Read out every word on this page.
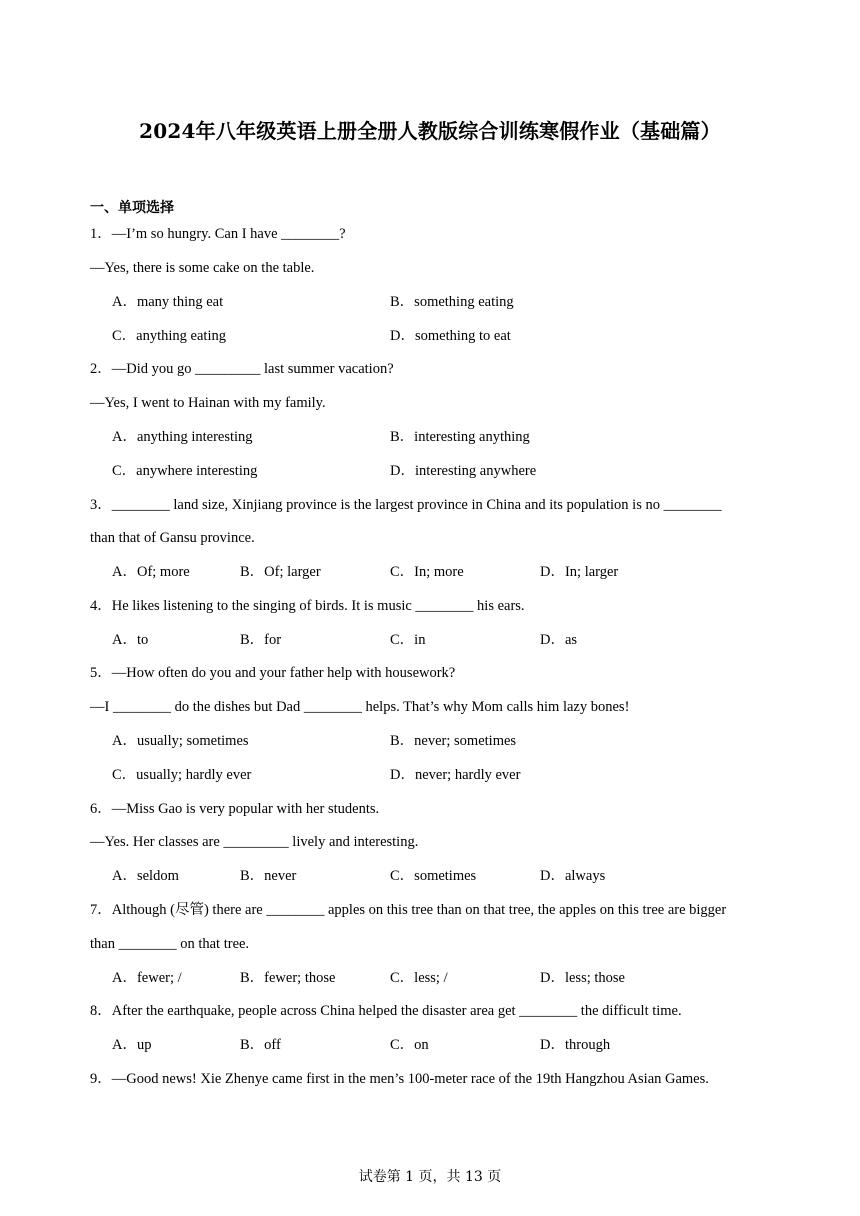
2024年八年级英语上册全册人教版综合训练寒假作业（基础篇）
一、单项选择
1．—I’m so hungry. Can I have ________?
—Yes, there is some cake on the table.
A．many thing eat	B．something eating
C．anything eating	D．something to eat
2．—Did you go _________ last summer vacation?
—Yes, I went to Hainan with my family.
A．anything interesting	B．interesting anything
C．anywhere interesting	D．interesting anywhere
3．________ land size, Xinjiang province is the largest province in China and its population is no ________
than that of Gansu province.
A．Of; more	B．Of; larger	C．In; more	D．In; larger
4．He likes listening to the singing of birds. It is music ________ his ears.
A．to	B．for	C．in	D．as
5．—How often do you and your father help with housework?
—I ________ do the dishes but Dad ________ helps. That’s why Mom calls him lazy bones!
A．usually; sometimes	B．never; sometimes
C．usually; hardly ever	D．never; hardly ever
6．—Miss Gao is very popular with her students.
—Yes. Her classes are _________ lively and interesting.
A．seldom	B．never	C．sometimes	D．always
7．Although (尽管) there are ________ apples on this tree than on that tree, the apples on this tree are bigger
than ________ on that tree.
A．fewer; /	B．fewer; those	C．less; /	D．less; those
8．After the earthquake, people across China helped the disaster area get ________ the difficult time.
A．up	B．off	C．on	D．through
9．—Good news! Xie Zhenye came first in the men’s 100-meter race of the 19th Hangzhou Asian Games.
试卷第 1 页，共 13 页
